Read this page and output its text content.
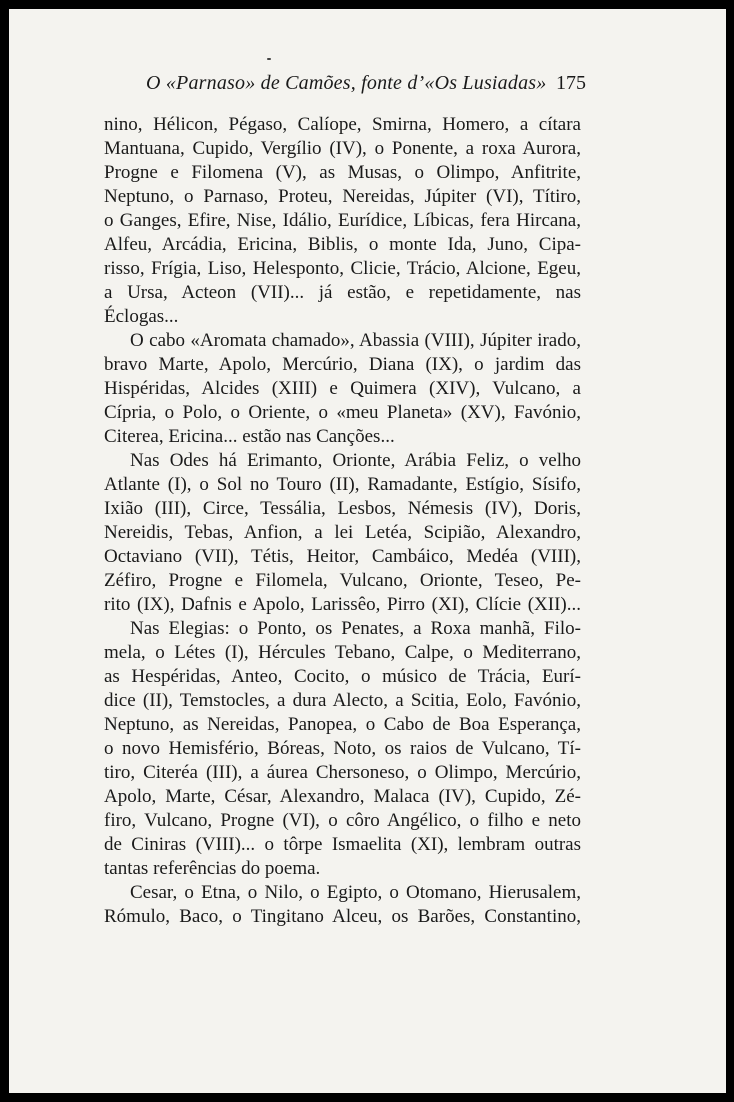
O «Parnaso» de Camões, fonte d’«Os Lusiadas» 175
nino, Hélicon, Pégaso, Calíope, Smirna, Homero, a cítara
Mantuana, Cupido, Vergílio (IV), o Ponente, a roxa Aurora,
Progne e Filomena (V), as Musas, o Olimpo, Anfitrite,
Neptuno, o Parnaso, Proteu, Nereidas, Júpiter (VI), Títiro,
o Ganges, Efire, Nise, Idálio, Eurídice, Líbicas, fera Hircana,
Alfeu, Arcádia, Ericina, Biblis, o monte Ida, Juno, Cipa-
risso, Frígia, Liso, Helesponto, Clicie, Trácio, Alcione, Egeu,
a Ursa, Acteon (VII)... já estão, e repetidamente, nas
Éclogas...
O cabo «Aromata chamado», Abassia (VIII), Júpiter irado,
bravo Marte, Apolo, Mercúrio, Diana (IX), o jardim das
Hispéridas, Alcides (XIII) e Quimera (XIV), Vulcano, a
Cípria, o Polo, o Oriente, o «meu Planeta» (XV), Favónio,
Citerea, Ericina... estão nas Canções...
Nas Odes há Erimanto, Orionte, Arábia Feliz, o velho
Atlante (I), o Sol no Touro (II), Ramadante, Estígio, Sísifo,
Ixião (III), Circe, Tessália, Lesbos, Némesis (IV), Doris,
Nereidis, Tebas, Anfion, a lei Letéa, Scipião, Alexandro,
Octaviano (VII), Tétis, Heitor, Cambáico, Medéa (VIII),
Zéfiro, Progne e Filomela, Vulcano, Orionte, Teseo, Pe-
rito (IX), Dafnis e Apolo, Larissêo, Pirro (XI), Clície (XII)...
Nas Elegias: o Ponto, os Penates, a Roxa manhã, Filo-
mela, o Létes (I), Hércules Tebano, Calpe, o Mediterrano,
as Hespéridas, Anteo, Cocito, o músico de Trácia, Eurí-
dice (II), Temstocles, a dura Alecto, a Scitia, Eolo, Favónio,
Neptuno, as Nereidas, Panopea, o Cabo de Boa Esperança,
o novo Hemisfério, Bóreas, Noto, os raios de Vulcano, Tí-
tiro, Citeréa (III), a áurea Chersoneso, o Olimpo, Mercúrio,
Apolo, Marte, César, Alexandro, Malaca (IV), Cupido, Zé-
firo, Vulcano, Progne (VI), o côro Angélico, o filho e neto
de Ciniras (VIII)... o tôrpe Ismaelita (XI), lembram outras
tantas referências do poema.
Cesar, o Etna, o Nilo, o Egipto, o Otomano, Hierusalem,
Rómulo, Baco, o Tingitano Alceu, os Barões, Constantino,
